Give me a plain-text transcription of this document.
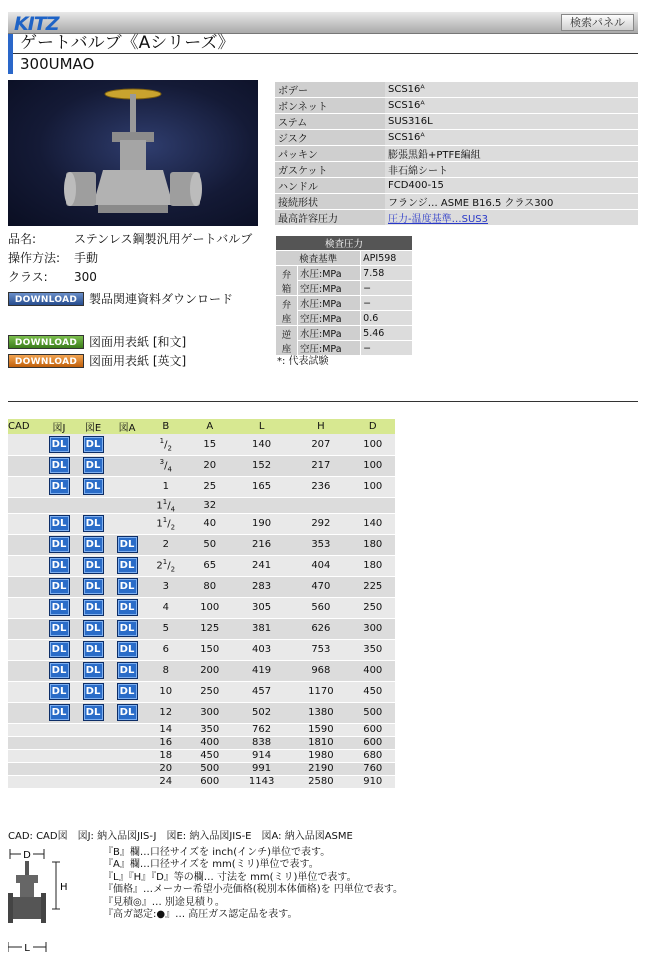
KITZ	検索パネル
ゲートバルブ《Aシリーズ》
300UMAO
ボデー	SCS16ᴬ
ボンネット	SCS16ᴬ
ステム	SUS316L
ジスク	SCS16ᴬ
パッキン	膨張黒鉛+PTFE編組
ガスケット	非石綿シート
ハンドル	FCD400-15
接続形状	フランジ… ASME B16.5 クラス300
最高許容圧力	圧力-温度基準…SUS3
品名:	ステンレス鋼製汎用ゲートバルブ
操作方法:	手動
クラス:	300
DOWNLOAD 製品関連資料ダウンロード
DOWNLOAD 図面用表紙 [和文]
DOWNLOAD 図面用表紙 [英文]
検査圧力		
検査基準		API598
弁箱	水圧:MPa	7.58
	空圧:MPa	−
弁座	水圧:MPa	−
	空圧:MPa	0.6
逆座	水圧:MPa	5.46
	空圧:MPa	−
*: 代表試験
CAD	図J	図E	図A	B	A	L	H	D
	DL	DL		$^1/_2$	15	140	207	100
	DL	DL		$^3/_4$	20	152	217	100
	DL	DL		1	25	165	236	100
				$1^1/_4$	32			
	DL	DL		$1^1/_2$	40	190	292	140
	DL	DL	DL	2	50	216	353	180
	DL	DL	DL	$2^1/_2$	65	241	404	180
	DL	DL	DL	3	80	283	470	225
	DL	DL	DL	4	100	305	560	250
	DL	DL	DL	5	125	381	626	300
	DL	DL	DL	6	150	403	753	350
	DL	DL	DL	8	200	419	968	400
	DL	DL	DL	10	250	457	1170	450
	DL	DL	DL	12	300	502	1380	500
				14	350	762	1590	600
				16	400	838	1810	600
				18	450	914	1980	680
				20	500	991	2190	760
				24	600	1143	2580	910
CAD: CAD図　図J: 納入品図JIS-J　図E: 納入品図JIS-E　図A: 納入品図ASME
D
H
L
『B』欄…口径サイズを inch(インチ)単位で表す。
『A』欄…口径サイズを mm(ミリ)単位で表す。
『L』『H』『D』等の欄… 寸法を mm(ミリ)単位で表す。
『価格』…メーカー希望小売価格(税別本体価格)を 円単位で表す。
『見積◎』… 別途見積り。
『高ガ認定:●』… 高圧ガス認定品を表す。
